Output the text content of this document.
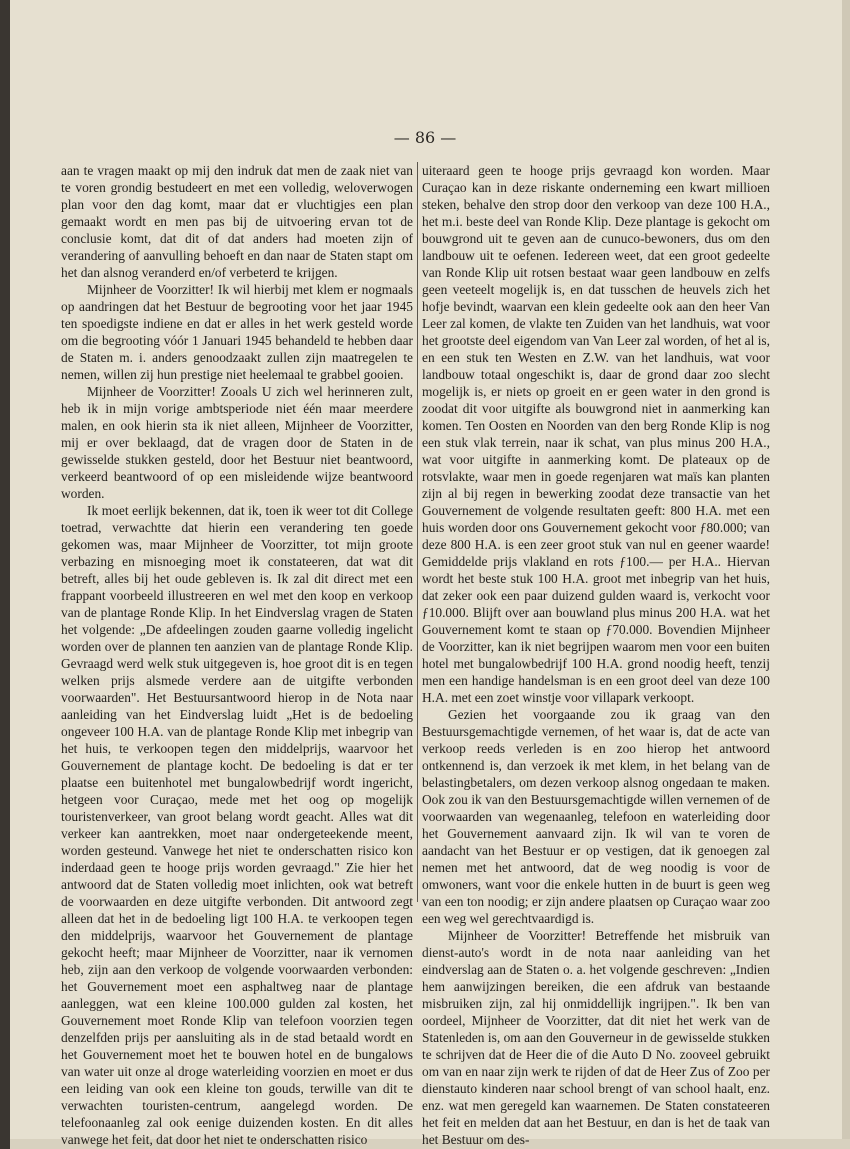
— 86 —

aan te vragen maakt op mij den indruk dat men de zaak niet van te voren grondig bestudeert en met een volledig, weloverwogen plan voor den dag komt, maar dat er vluchtigjes een plan gemaakt wordt en men pas bij de uitvoering ervan tot de conclusie komt, dat dit of dat anders had moeten zijn of verandering of aanvulling behoeft en dan naar de Staten stapt om het dan alsnog veranderd en/of verbeterd te krijgen.

Mijnheer de Voorzitter! Ik wil hierbij met klem er nogmaals op aandringen dat het Bestuur de begrooting voor het jaar 1945 ten spoedigste indiene en dat er alles in het werk gesteld worde om die begrooting vóór 1 Januari 1945 behandeld te hebben daar de Staten m. i. anders genoodzaakt zullen zijn maatregelen te nemen, willen zij hun prestige niet heelemaal te grabbel gooien.

Mijnheer de Voorzitter! Zooals U zich wel herinneren zult, heb ik in mijn vorige ambtsperiode niet één maar meerdere malen, en ook hierin sta ik niet alleen, Mijnheer de Voorzitter, mij er over beklaagd, dat de vragen door de Staten in de gewisselde stukken gesteld, door het Bestuur niet beantwoord, verkeerd beantwoord of op een misleidende wijze beantwoord worden.

Ik moet eerlijk bekennen, dat ik, toen ik weer tot dit College toetrad, verwachtte dat hierin een verandering ten goede gekomen was, maar Mijnheer de Voorzitter, tot mijn groote verbazing en misnoeging moet ik constateeren, dat wat dit betreft, alles bij het oude gebleven is. Ik zal dit direct met een frappant voorbeeld illustreeren en wel met den koop en verkoop van de plantage Ronde Klip. In het Eindverslag vragen de Staten het volgende: „De afdeelingen zouden gaarne volledig ingelicht worden over de plannen ten aanzien van de plantage Ronde Klip. Gevraagd werd welk stuk uitgegeven is, hoe groot dit is en tegen welken prijs alsmede verdere aan de uitgifte verbonden voorwaarden". Het Bestuursantwoord hierop in de Nota naar aanleiding van het Eindverslag luidt „Het is de bedoeling ongeveer 100 H.A. van de plantage Ronde Klip met inbegrip van het huis, te verkoopen tegen den middelprijs, waarvoor het Gouvernement de plantage kocht. De bedoeling is dat er ter plaatse een buitenhotel met bungalowbedrijf wordt ingericht, hetgeen voor Curaçao, mede met het oog op mogelijk touristenverkeer, van groot belang wordt geacht. Alles wat dit verkeer kan aantrekken, moet naar ondergeteekende meent, worden gesteund. Vanwege het niet te onderschatten risico kon inderdaad geen te hooge prijs worden gevraagd." Zie hier het antwoord dat de Staten volledig moet inlichten, ook wat betreft de voorwaarden en deze uitgifte verbonden. Dit antwoord zegt alleen dat het in de bedoeling ligt 100 H.A. te verkoopen tegen den middelprijs, waarvoor het Gouvernement de plantage gekocht heeft; maar Mijnheer de Voorzitter, naar ik vernomen heb, zijn aan den verkoop de volgende voorwaarden verbonden: het Gouvernement moet een asphaltweg naar de plantage aanleggen, wat een kleine 100.000 gulden zal kosten, het Gouvernement moet Ronde Klip van telefoon voorzien tegen denzelfden prijs per aansluiting als in de stad betaald wordt en het Gouvernement moet het te bouwen hotel en de bungalows van water uit onze al droge waterleiding voorzien en moet er dus een leiding van ook een kleine ton gouds, terwille van dit te verwachten touristen-centrum, aangelegd worden. De telefoonaanleg zal ook eenige duizenden kosten. En dit alles vanwege het feit, dat door het niet te onderschatten risico

uiteraard geen te hooge prijs gevraagd kon worden. Maar Curaçao kan in deze riskante onderneming een kwart millioen steken, behalve den strop door den verkoop van deze 100 H.A., het m.i. beste deel van Ronde Klip. Deze plantage is gekocht om bouwgrond uit te geven aan de cunuco-bewoners, dus om den landbouw uit te oefenen. Iedereen weet, dat een groot gedeelte van Ronde Klip uit rotsen bestaat waar geen landbouw en zelfs geen veeteelt mogelijk is, en dat tusschen de heuvels zich het hofje bevindt, waarvan een klein gedeelte ook aan den heer Van Leer zal komen, de vlakte ten Zuiden van het landhuis, wat voor het grootste deel eigendom van Van Leer zal worden, of het al is, en een stuk ten Westen en Z.W. van het landhuis, wat voor landbouw totaal ongeschikt is, daar de grond daar zoo slecht mogelijk is, er niets op groeit en er geen water in den grond is zoodat dit voor uitgifte als bouwgrond niet in aanmerking kan komen. Ten Oosten en Noorden van den berg Ronde Klip is nog een stuk vlak terrein, naar ik schat, van plus minus 200 H.A., wat voor uitgifte in aanmerking komt. De plateaux op de rotsvlakte, waar men in goede regenjaren wat maïs kan planten zijn al bij regen in bewerking zoodat deze transactie van het Gouvernement de volgende resultaten geeft: 800 H.A. met een huis worden door ons Gouvernement gekocht voor ƒ80.000; van deze 800 H.A. is een zeer groot stuk van nul en geener waarde! Gemiddelde prijs vlakland en rots ƒ100.— per H.A.. Hiervan wordt het beste stuk 100 H.A. groot met inbegrip van het huis, dat zeker ook een paar duizend gulden waard is, verkocht voor ƒ10.000. Blijft over aan bouwland plus minus 200 H.A. wat het Gouvernement komt te staan op ƒ70.000. Bovendien Mijnheer de Voorzitter, kan ik niet begrijpen waarom men voor een buiten hotel met bungalowbedrijf 100 H.A. grond noodig heeft, tenzij men een handige handelsman is en een groot deel van deze 100 H.A. met een zoet winstje voor villapark verkoopt.

Gezien het voorgaande zou ik graag van den Bestuursgemachtigde vernemen, of het waar is, dat de acte van verkoop reeds verleden is en zoo hierop het antwoord ontkennend is, dan verzoek ik met klem, in het belang van de belastingbetalers, om dezen verkoop alsnog ongedaan te maken. Ook zou ik van den Bestuursgemachtigde willen vernemen of de voorwaarden van wegenaanleg, telefoon en waterleiding door het Gouvernement aanvaard zijn. Ik wil van te voren de aandacht van het Bestuur er op vestigen, dat ik genoegen zal nemen met het antwoord, dat de weg noodig is voor de omwoners, want voor die enkele hutten in de buurt is geen weg van een ton noodig; er zijn andere plaatsen op Curaçao waar zoo een weg wel gerechtvaardigd is.

Mijnheer de Voorzitter! Betreffende het misbruik van dienst-auto's wordt in de nota naar aanleiding van het eindverslag aan de Staten o. a. het volgende geschreven: „Indien hem aanwijzingen bereiken, die een afdruk van bestaande misbruiken zijn, zal hij onmiddellijk ingrijpen.". Ik ben van oordeel, Mijnheer de Voorzitter, dat dit niet het werk van de Statenleden is, om aan den Gouverneur in de gewisselde stukken te schrijven dat de Heer die of die Auto D No. zooveel gebruikt om van en naar zijn werk te rijden of dat de Heer Zus of Zoo per dienstauto kinderen naar school brengt of van school haalt, enz. enz. wat men geregeld kan waarnemen. De Staten constateeren het feit en melden dat aan het Bestuur, en dan is het de taak van het Bestuur om des-
